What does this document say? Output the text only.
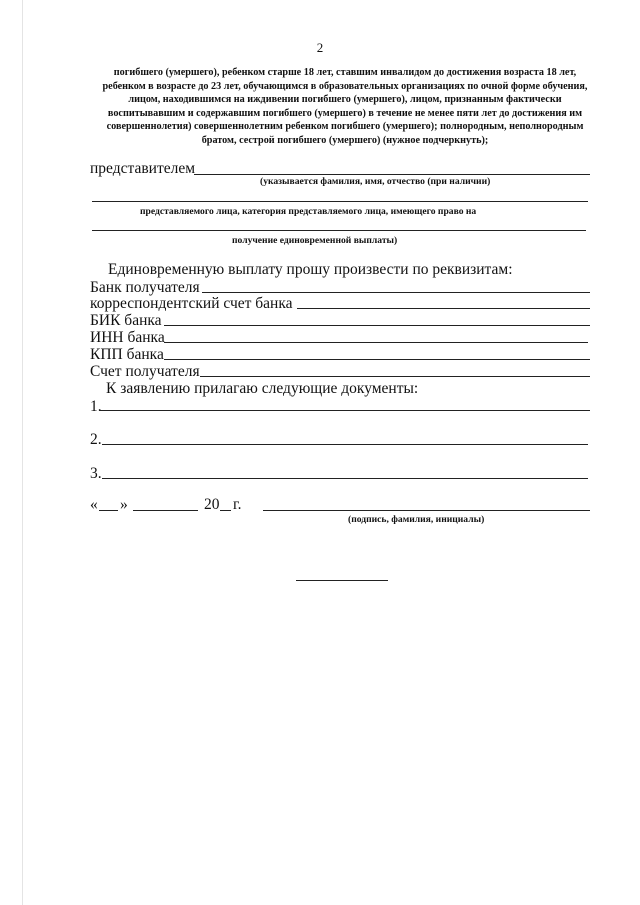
2
погибшего (умершего), ребенком старше 18 лет, ставшим инвалидом до достижения возраста 18 лет, ребенком в возрасте до 23 лет, обучающимся в образовательных организациях по очной форме обучения, лицом, находившимся на иждивении погибшего (умершего), лицом, признанным фактически воспитывавшим и содержавшим погибшего (умершего) в течение не менее пяти лет до достижения им совершеннолетия) совершеннолетним ребенком погибшего (умершего); полнородным, неполнородным братом, сестрой погибшего (умершего) (нужное подчеркнуть);
представителем
(указывается фамилия, имя, отчество (при наличии)
представляемого лица, категория представляемого лица, имеющего право на
получение единовременной выплаты)
Единовременную выплату прошу произвести по реквизитам:
Банк получателя
корреспондентский счет банка
БИК банка
ИНН банка
КПП банка
Счет получателя
К заявлению прилагаю следующие документы:
1.
2.
3.
« »	20 г.
(подпись, фамилия, инициалы)
